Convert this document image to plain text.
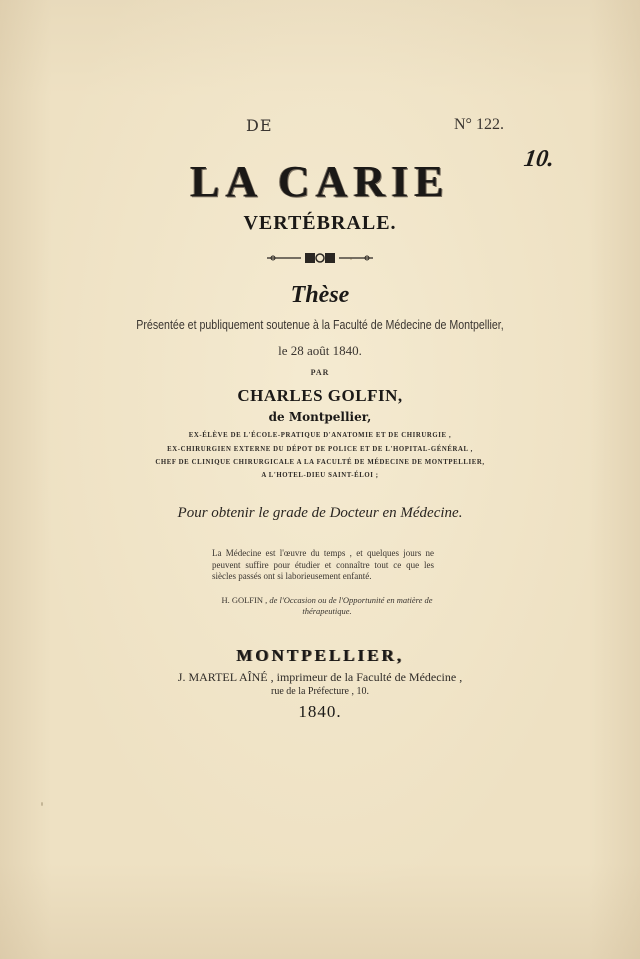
DE	N° 122.
10.
LA CARIE
VERTÉBRALE.
Thèse
Présentée et publiquement soutenue à la Faculté de Médecine de Montpellier,
le 28 août 1840.
PAR
CHARLES GOLFIN,
de Montpellier,
EX-ÉLÈVE DE L'ÉCOLE-PRATIQUE D'ANATOMIE ET DE CHIRURGIE ,
EX-CHIRURGIEN EXTERNE DU DÉPOT DE POLICE ET DE L'HOPITAL-GÉNÉRAL ,
CHEF DE CLINIQUE CHIRURGICALE A LA FACULTÉ DE MÉDECINE DE MONTPELLIER,
A L'HOTEL-DIEU SAINT-ÉLOI ;
Pour obtenir le grade de Docteur en Médecine.
La Médecine est l'œuvre du temps , et quelques jours ne peuvent suffire pour étudier et connaître tout ce que les siècles passés ont si laborieusement enfanté.
H. GOLFIN , de l'Occasion ou de l'Opportunité en matière de thérapeutique.
MONTPELLIER,
J. MARTEL AÎNÉ , imprimeur de la Faculté de Médecine ,
rue de la Préfecture , 10.
1840.
